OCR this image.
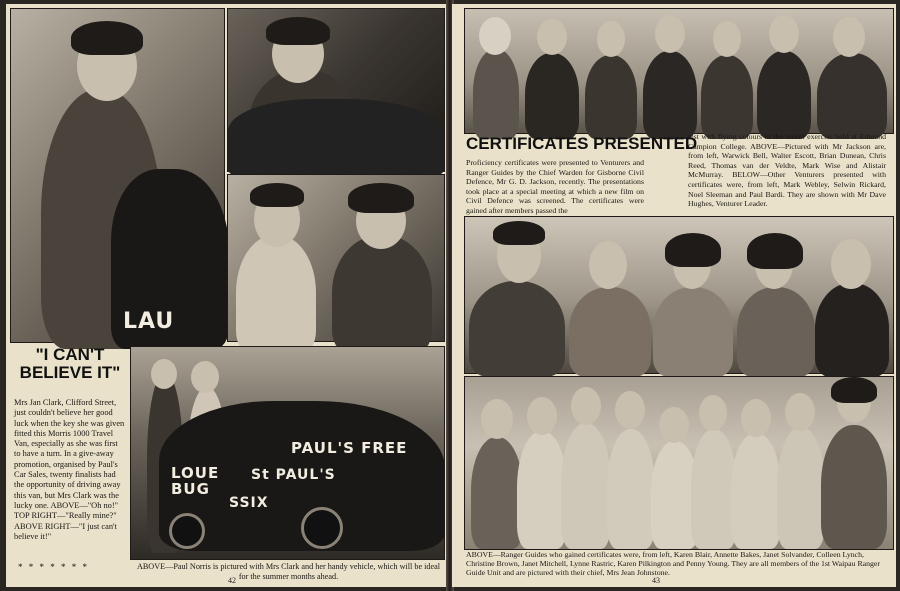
LAU
"I CAN'T BELIEVE IT"
Mrs Jan Clark, Clifford Street, just couldn't believe her good luck when the key she was given fitted this Morris 1000 Travel Van, especially as she was first to have a turn. In a give-away promotion, organised by Paul's Car Sales, twenty finalists had the opportunity of driving away this van, but Mrs Clark was the lucky one. ABOVE—"Oh no!" TOP RIGHT—"Really mine?" ABOVE RIGHT—"I just can't believe it!"
* * * * * * *
PAUL'S FREE
LOUE BUG
St PAUL'S
SSIX
ABOVE—Paul Norris is pictured with Mrs Clark and her handy vehicle, which will be ideal for the summer months ahead.
42
CERTIFICATES PRESENTED
Proficiency certificates were presented to Venturers and Ranger Guides by the Chief Warden for Gisborne Civil Defence, Mr G. D. Jackson, recently. The presentations took place at a special meeting at which a new film on Civil Defence was screened. The certificates were gained after members passed the
test with flying colours in the recent exercise held at Edmund Campion College. ABOVE—Pictured with Mr Jackson are, from left, Warwick Bell, Walter Escott, Brian Dunean, Chris Reed, Thomas van der Veldte, Mark Wise and Alistair McMurray. BELOW—Other Venturers presented with certificates were, from left, Mark Webley, Selwin Rickard, Noel Sleeman and Paul Bardi. They are shown with Mr Dave Hughes, Venturer Leader.
ABOVE—Ranger Guides who gained certificates were, from left, Karen Blair, Annette Bakes, Janet Solvander, Colleen Lynch, Christine Brown, Janet Mitchell, Lynne Rastric, Karen Pilkington and Penny Young. They are all members of the 1st Waipau Ranger Guide Unit and are pictured with their chief, Mrs Jean Johnstone.
43
